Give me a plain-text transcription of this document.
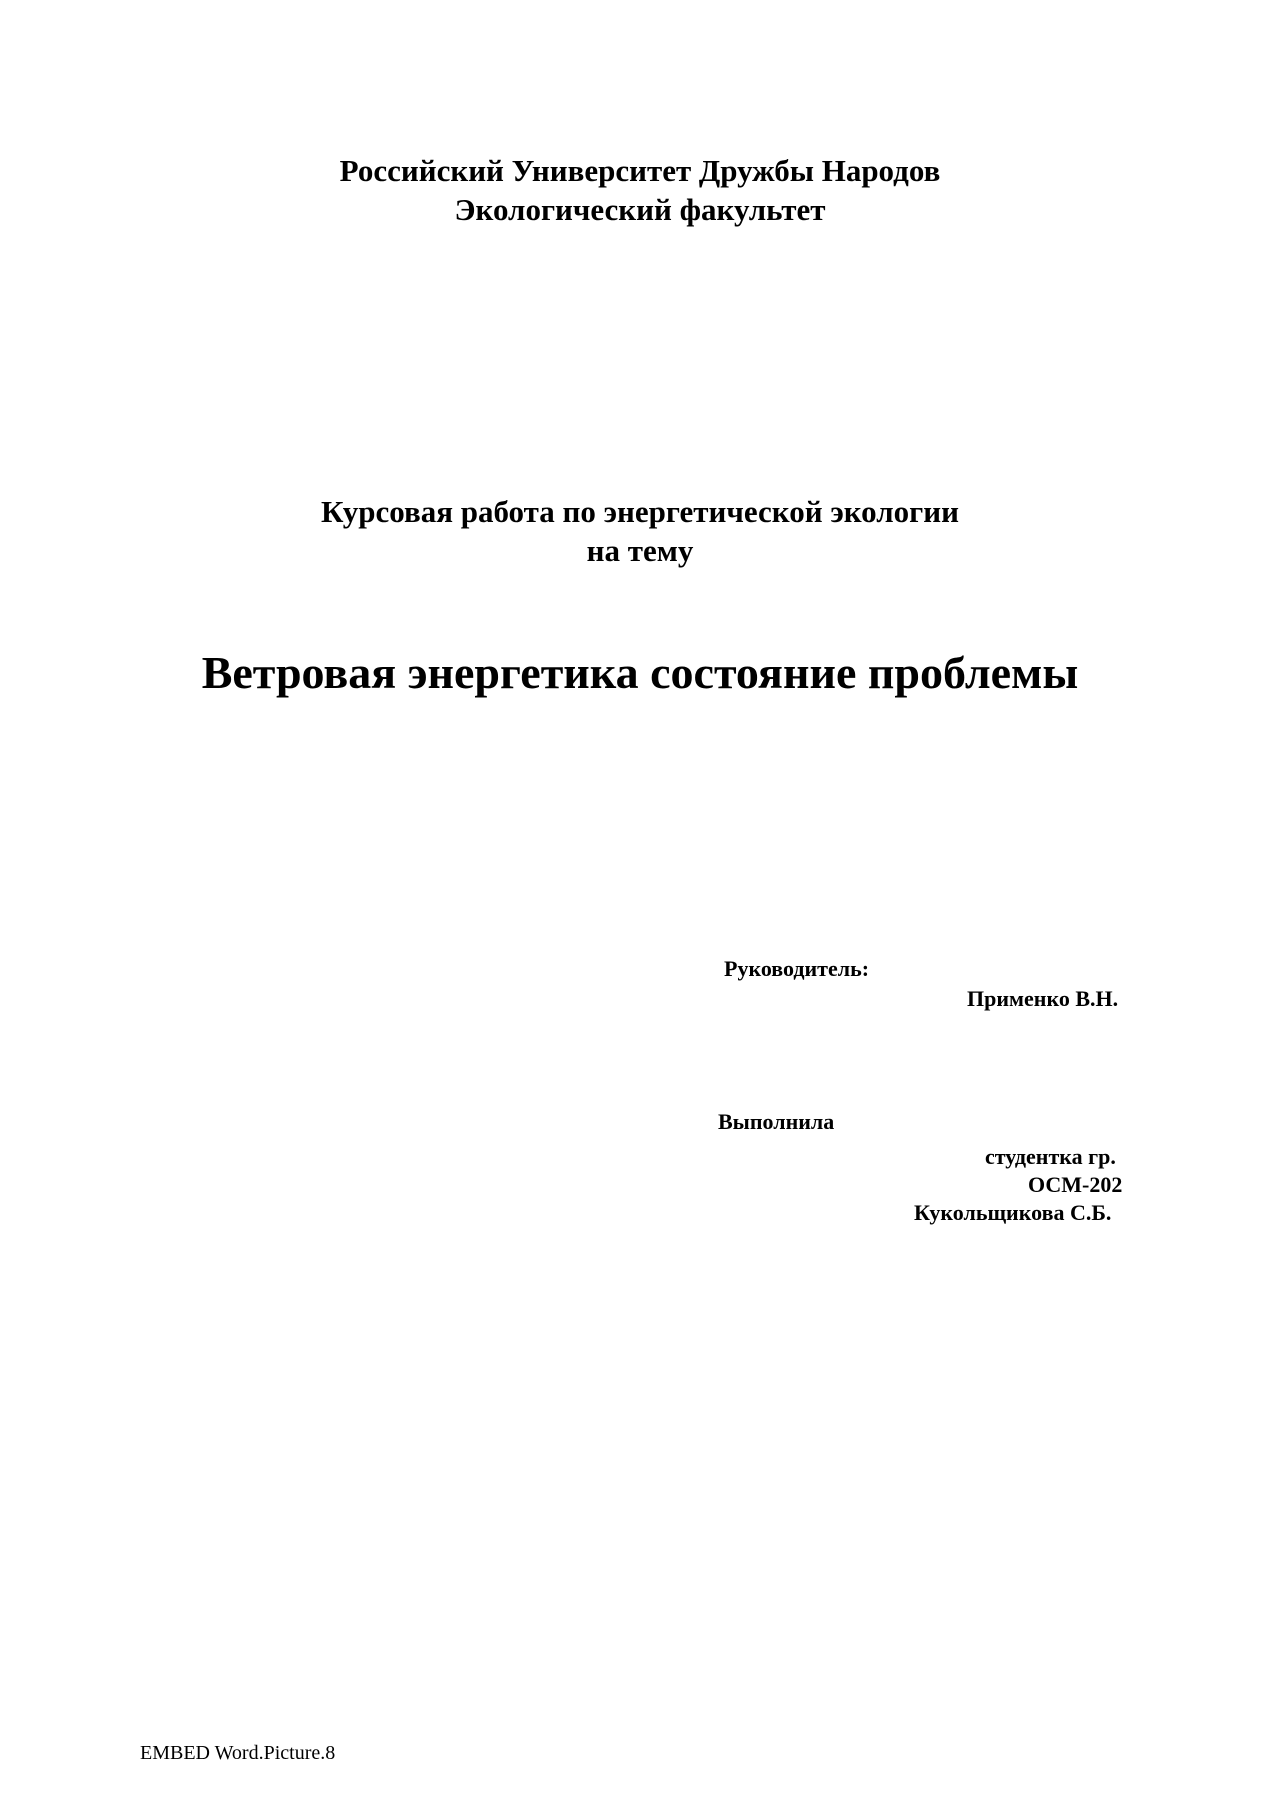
Российский Университет Дружбы Народов
Экологический факультет
Курсовая работа по энергетической экологии
на тему
Ветровая энергетика состояние проблемы
Руководитель:
Применко В.Н.
Выполнила
студентка гр.
ОСМ-202
Кукольщикова С.Б.
EMBED Word.Picture.8
